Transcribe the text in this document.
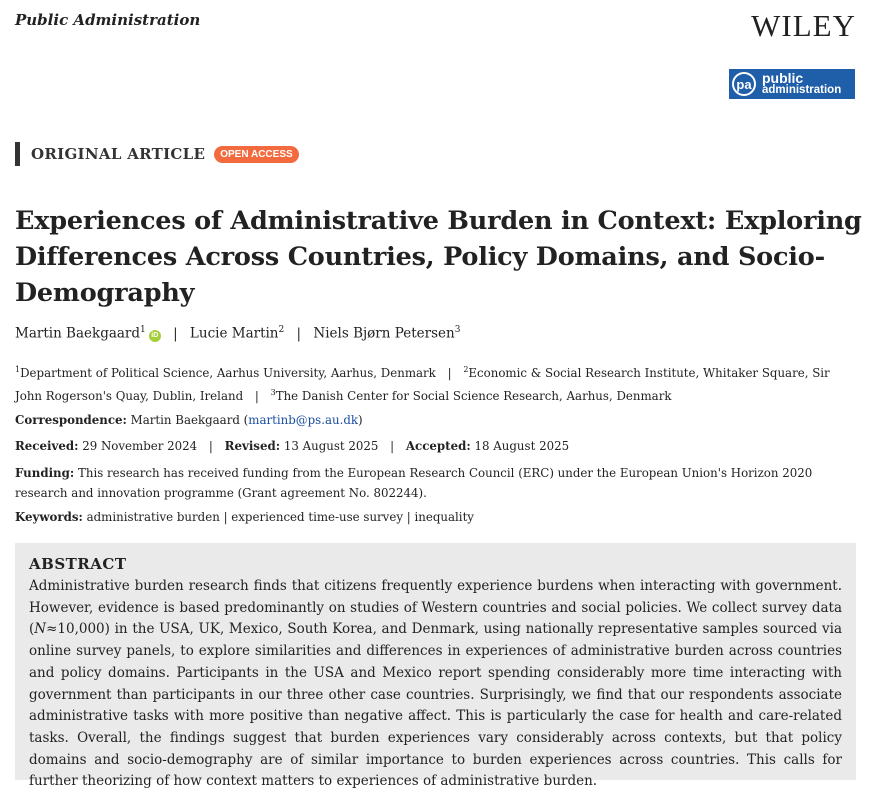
Public Administration	WILEY
pa public
administration
ORIGINAL ARTICLE	OPEN ACCESS
Experiences of Administrative Burden in Context: Exploring Differences Across Countries, Policy Domains, and Socio-Demography
Martin Baekgaard$^1$ iD | Lucie Martin$^2$ | Niels Bjørn Petersen$^3$
$^1$Department of Political Science, Aarhus University, Aarhus, Denmark | $^2$Economic & Social Research Institute, Whitaker Square, Sir John Rogerson's Quay, Dublin, Ireland | $^3$The Danish Center for Social Science Research, Aarhus, Denmark
Correspondence: Martin Baekgaard (martinb@ps.au.dk)
Received: 29 November 2024 | Revised: 13 August 2025 | Accepted: 18 August 2025
Funding: This research has received funding from the European Research Council (ERC) under the European Union's Horizon 2020 research and innovation programme (Grant agreement No. 802244).
Keywords: administrative burden | experienced time-use survey | inequality
ABSTRACT
Administrative burden research finds that citizens frequently experience burdens when interacting with government. However, evidence is based predominantly on studies of Western countries and social policies. We collect survey data (N≈10,000) in the USA, UK, Mexico, South Korea, and Denmark, using nationally representative samples sourced via online survey panels, to explore similarities and differences in experiences of administrative burden across countries and policy domains. Participants in the USA and Mexico report spending considerably more time interacting with government than participants in our three other case countries. Surprisingly, we find that our respondents associate administrative tasks with more positive than negative affect. This is particularly the case for health and care-related tasks. Overall, the findings suggest that burden experiences vary considerably across contexts, but that policy domains and socio-demography are of similar importance to burden experiences across countries. This calls for further theorizing of how context matters to experiences of administrative burden.
